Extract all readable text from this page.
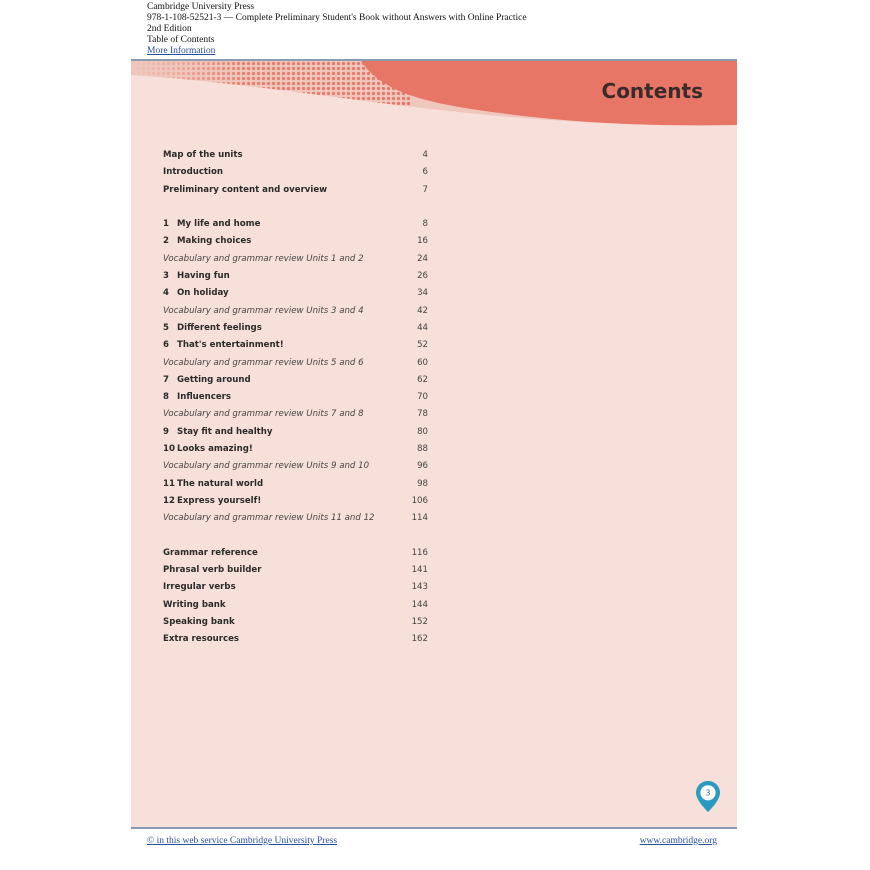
Cambridge University Press
978-1-108-52521-3 — Complete Preliminary Student's Book without Answers with Online Practice
2nd Edition
Table of Contents
More Information
Contents
Map of the units	4
Introduction	6
Preliminary content and overview	7
1 My life and home	8
2 Making choices	16
Vocabulary and grammar review Units 1 and 2	24
3 Having fun	26
4 On holiday	34
Vocabulary and grammar review Units 3 and 4	42
5 Different feelings	44
6 That's entertainment!	52
Vocabulary and grammar review Units 5 and 6	60
7 Getting around	62
8 Influencers	70
Vocabulary and grammar review Units 7 and 8	78
9 Stay fit and healthy	80
10 Looks amazing!	88
Vocabulary and grammar review Units 9 and 10	96
11 The natural world	98
12 Express yourself!	106
Vocabulary and grammar review Units 11 and 12	114
Grammar reference	116
Phrasal verb builder	141
Irregular verbs	143
Writing bank	144
Speaking bank	152
Extra resources	162
3
© in this web service Cambridge University Press	www.cambridge.org
